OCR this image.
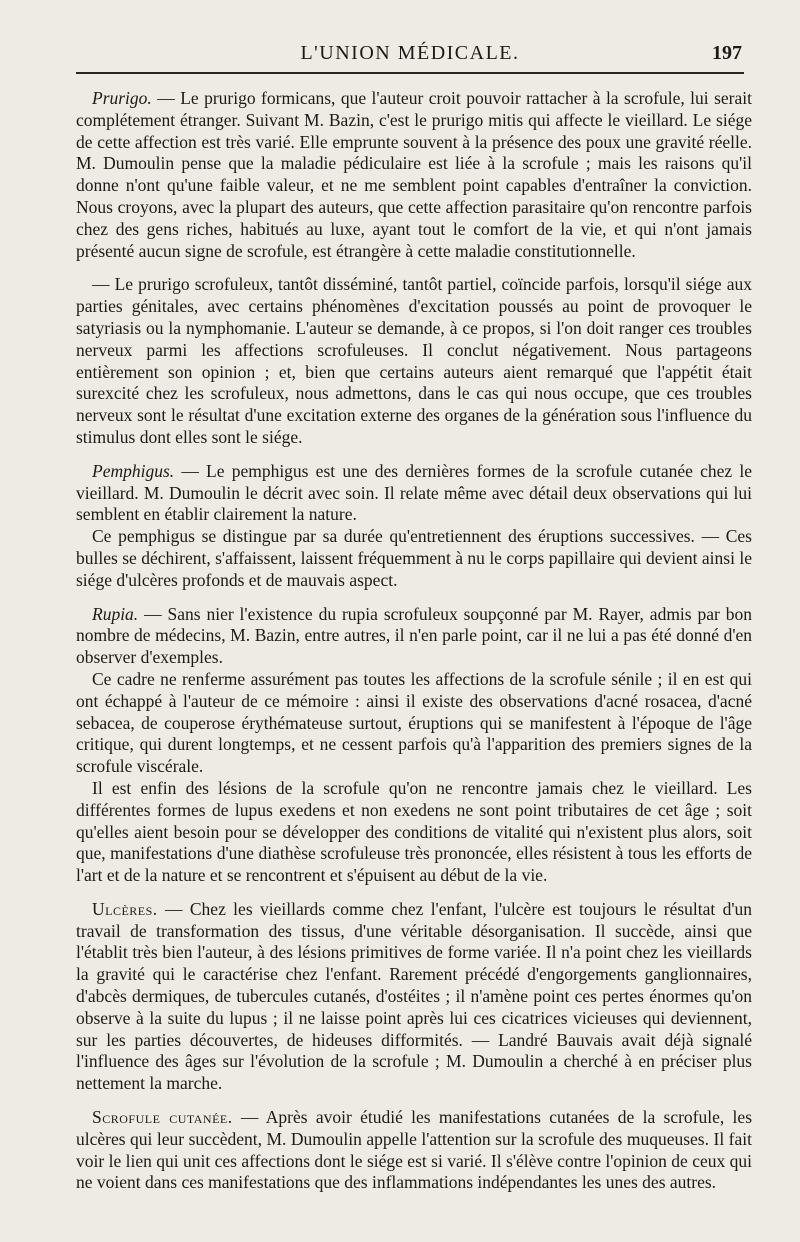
L'UNION MÉDICALE.	197

Prurigo. — Le prurigo formicans, que l'auteur croit pouvoir rattacher à la scrofule, lui serait complétement étranger. Suivant M. Bazin, c'est le prurigo mitis qui affecte le vieillard. Le siége de cette affection est très varié. Elle emprunte souvent à la présence des poux une gravité réelle. M. Dumoulin pense que la maladie pédiculaire est liée à la scrofule ; mais les raisons qu'il donne n'ont qu'une faible valeur, et ne me semblent point capables d'entraîner la conviction. Nous croyons, avec la plupart des auteurs, que cette affection parasitaire qu'on rencontre parfois chez des gens riches, habitués au luxe, ayant tout le comfort de la vie, et qui n'ont jamais présenté aucun signe de scrofule, est étrangère à cette maladie constitutionnelle.

— Le prurigo scrofuleux, tantôt disséminé, tantôt partiel, coïncide parfois, lorsqu'il siége aux parties génitales, avec certains phénomènes d'excitation poussés au point de provoquer le satyriasis ou la nymphomanie. L'auteur se demande, à ce propos, si l'on doit ranger ces troubles nerveux parmi les affections scrofuleuses. Il conclut négativement. Nous partageons entièrement son opinion ; et, bien que certains auteurs aient remarqué que l'appétit était surexcité chez les scrofuleux, nous admettons, dans le cas qui nous occupe, que ces troubles nerveux sont le résultat d'une excitation externe des organes de la génération sous l'influence du stimulus dont elles sont le siége.

Pemphigus. — Le pemphigus est une des dernières formes de la scrofule cutanée chez le vieillard. M. Dumoulin le décrit avec soin. Il relate même avec détail deux observations qui lui semblent en établir clairement la nature.

Ce pemphigus se distingue par sa durée qu'entretiennent des éruptions successives. — Ces bulles se déchirent, s'affaissent, laissent fréquemment à nu le corps papillaire qui devient ainsi le siége d'ulcères profonds et de mauvais aspect.

Rupia. — Sans nier l'existence du rupia scrofuleux soupçonné par M. Rayer, admis par bon nombre de médecins, M. Bazin, entre autres, il n'en parle point, car il ne lui a pas été donné d'en observer d'exemples.

Ce cadre ne renferme assurément pas toutes les affections de la scrofule sénile ; il en est qui ont échappé à l'auteur de ce mémoire : ainsi il existe des observations d'acné rosacea, d'acné sebacea, de couperose érythémateuse surtout, éruptions qui se manifestent à l'époque de l'âge critique, qui durent longtemps, et ne cessent parfois qu'à l'apparition des premiers signes de la scrofule viscérale.

Il est enfin des lésions de la scrofule qu'on ne rencontre jamais chez le vieillard. Les différentes formes de lupus exedens et non exedens ne sont point tributaires de cet âge ; soit qu'elles aient besoin pour se développer des conditions de vitalité qui n'existent plus alors, soit que, manifestations d'une diathèse scrofuleuse très prononcée, elles résistent à tous les efforts de l'art et de la nature et se rencontrent et s'épuisent au début de la vie.

Ulcères. — Chez les vieillards comme chez l'enfant, l'ulcère est toujours le résultat d'un travail de transformation des tissus, d'une véritable désorganisation. Il succède, ainsi que l'établit très bien l'auteur, à des lésions primitives de forme variée. Il n'a point chez les vieillards la gravité qui le caractérise chez l'enfant. Rarement précédé d'engorgements ganglionnaires, d'abcès dermiques, de tubercules cutanés, d'ostéites ; il n'amène point ces pertes énormes qu'on observe à la suite du lupus ; il ne laisse point après lui ces cicatrices vicieuses qui deviennent, sur les parties découvertes, de hideuses difformités. — Landré Bauvais avait déjà signalé l'influence des âges sur l'évolution de la scrofule ; M. Dumoulin a cherché à en préciser plus nettement la marche.

Scrofule cutanée. — Après avoir étudié les manifestations cutanées de la scrofule, les ulcères qui leur succèdent, M. Dumoulin appelle l'attention sur la scrofule des muqueuses. Il fait voir le lien qui unit ces affections dont le siége est si varié. Il s'élève contre l'opinion de ceux qui ne voient dans ces manifestations que des inflammations indépendantes les unes des autres.
